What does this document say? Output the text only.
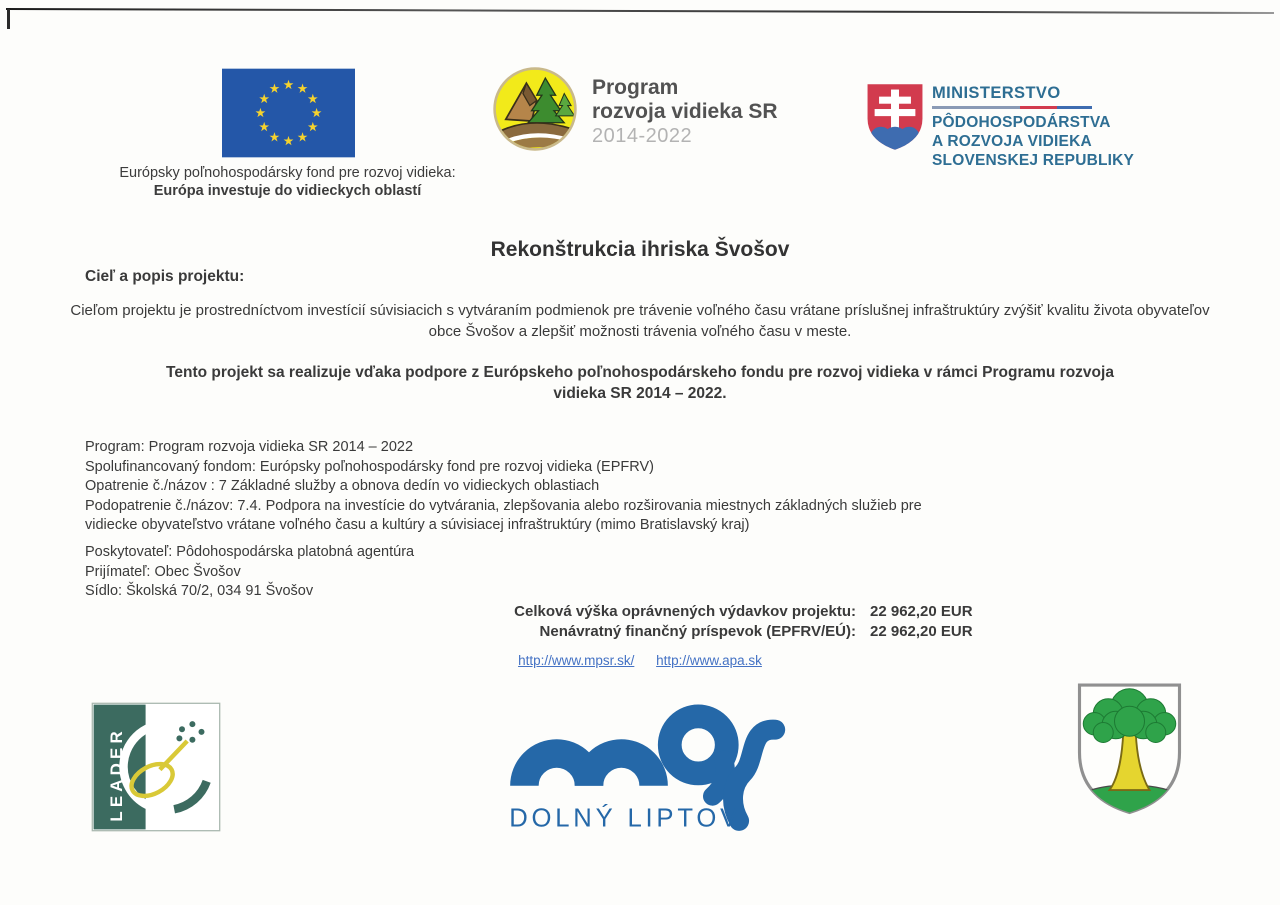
Európsky poľnohospodársky fond pre rozvoj vidieka:
Európa investuje do vidieckych oblastí
Program
rozvoja vidieka SR
2014-2022
MINISTERSTVO
PÔDOHOSPODÁRSTVA
A ROZVOJA VIDIEKA
SLOVENSKEJ REPUBLIKY
Rekonštrukcia ihriska Švošov
Cieľ a popis projektu:
Cieľom projektu je prostredníctvom investícií súvisiacich s vytváraním podmienok pre trávenie voľného času vrátane príslušnej infraštruktúry zvýšiť kvalitu života obyvateľov obce Švošov a zlepšiť možnosti trávenia voľného času v meste.
Tento projekt sa realizuje vďaka podpore z Európskeho poľnohospodárskeho fondu pre rozvoj vidieka v rámci Programu rozvoja vidieka SR 2014 – 2022.
Program: Program rozvoja vidieka SR 2014 – 2022
Spolufinancovaný fondom: Európsky poľnohospodársky fond pre rozvoj vidieka (EPFRV)
Opatrenie č./názov : 7 Základné služby a obnova dedín vo vidieckych oblastiach
Podopatrenie č./názov: 7.4. Podpora na investície do vytvárania, zlepšovania alebo rozširovania miestnych základných služieb pre
vidiecke obyvateľstvo vrátane voľného času a kultúry a súvisiacej infraštruktúry (mimo Bratislavský kraj)
Poskytovateľ: Pôdohospodárska platobná agentúra
Prijímateľ: Obec Švošov
Sídlo: Školská 70/2, 034 91 Švošov
Celková výška oprávnených výdavkov projektu: 22 962,20 EUR
Nenávratný finančný príspevok (EPFRV/EÚ): 22 962,20 EUR
http://www.mpsr.sk/ http://www.apa.sk
LEADER	DOLNÝ LIPTOV
